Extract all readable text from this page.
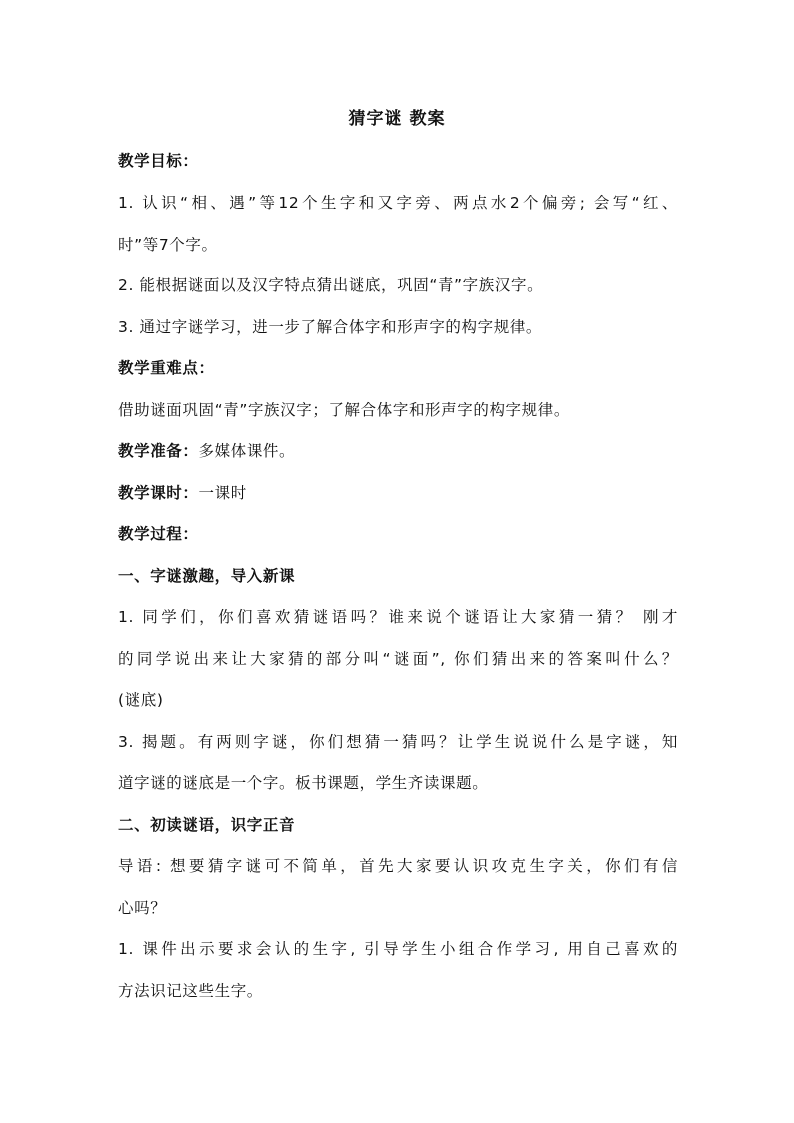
猜字谜 教案
教学目标：
1. 认识“相、遇”等12个生字和又字旁、两点水2个偏旁; 会写“红、
时”等7个字。
2. 能根据谜面以及汉字特点猜出谜底，巩固“青”字族汉字。
3. 通过字谜学习，进一步了解合体字和形声字的构字规律。
教学重难点：
借助谜面巩固“青”字族汉字；了解合体字和形声字的构字规律。
教学准备：多媒体课件。
教学课时：一课时
教学过程：
一、字谜激趣，导入新课
1. 同学们，你们喜欢猜谜语吗？谁来说个谜语让大家猜一猜？ 刚才
的同学说出来让大家猜的部分叫“谜面”, 你们猜出来的答案叫什么？
(谜底)
3. 揭题。有两则字谜，你们想猜一猜吗？让学生说说什么是字谜，知
道字谜的谜底是一个字。板书课题，学生齐读课题。
二、初读谜语，识字正音
导语: 想要猜字谜可不简单，首先大家要认识攻克生字关，你们有信
心吗？
1. 课件出示要求会认的生字, 引导学生小组合作学习, 用自己喜欢的
方法识记这些生字。
